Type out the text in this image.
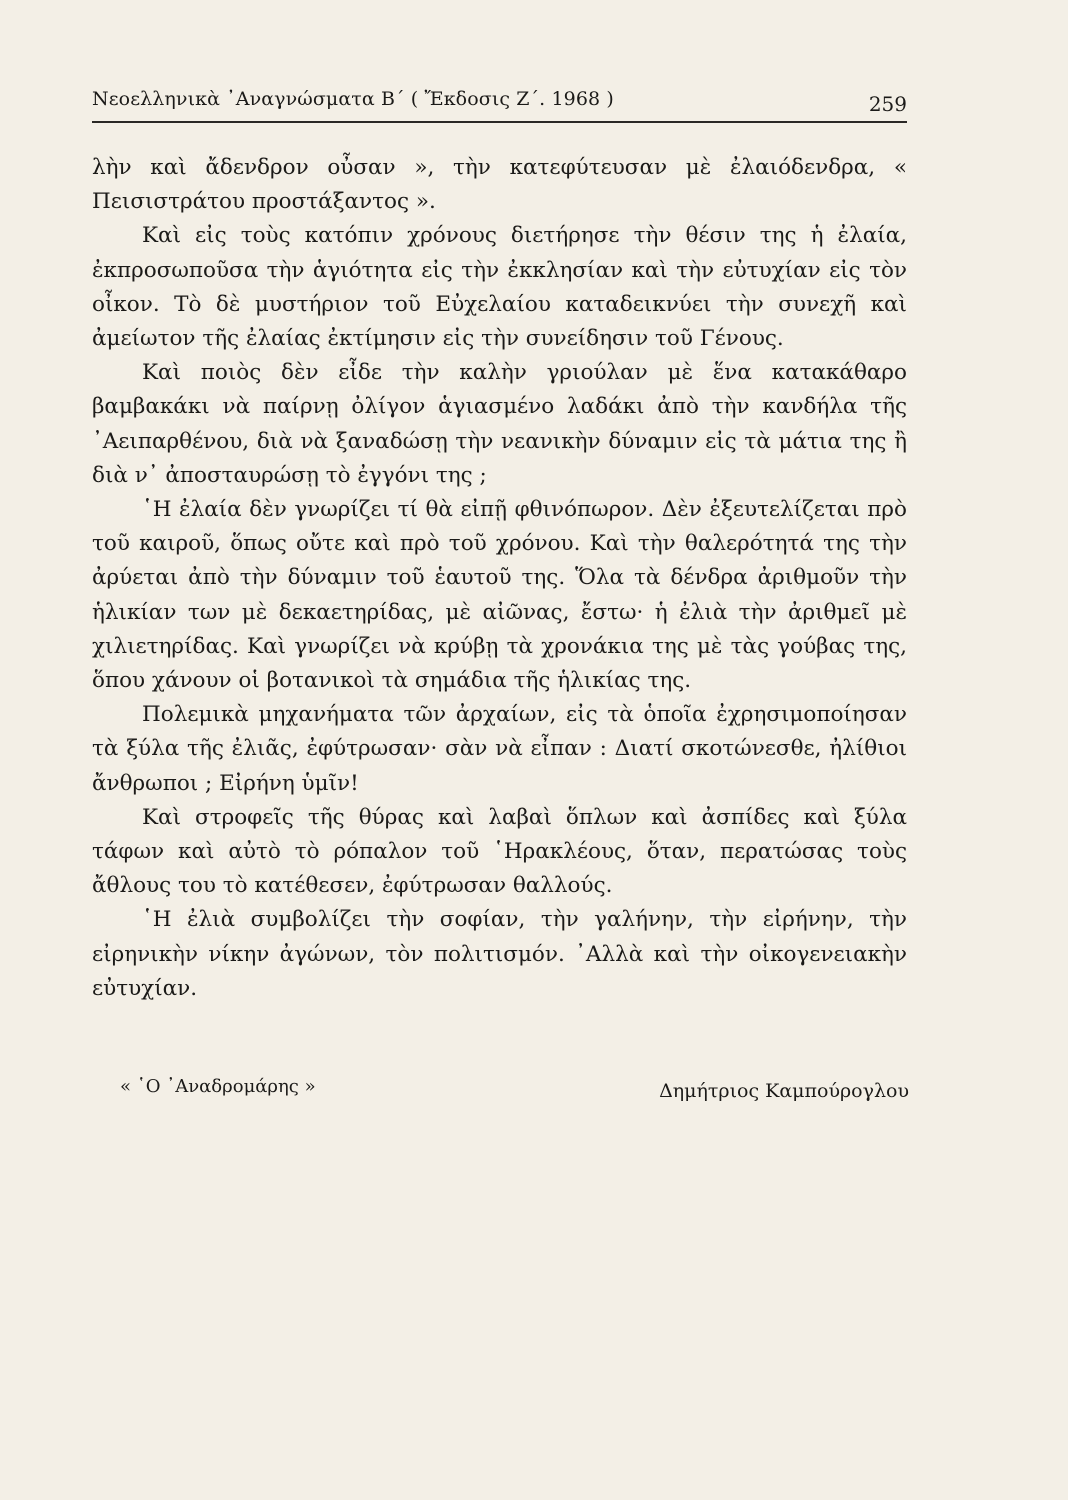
Νεοελληνικὰ ᾿Αναγνώσματα Β΄ ( Ἔκδοσις Ζ΄. 1968 )	259

λὴν καὶ ἄδενδρον οὖσαν », τὴν κατεφύτευσαν μὲ ἐλαιόδενδρα, « Πεισιστράτου προστάξαντος ».

Καὶ εἰς τοὺς κατόπιν χρόνους διετήρησε τὴν θέσιν της ἡ ἐλαία, ἐκπροσωποῦσα τὴν ἁγιότητα εἰς τὴν ἐκκλησίαν καὶ τὴν εὐτυχίαν εἰς τὸν οἶκον. Τὸ δὲ μυστήριον τοῦ Εὐχελαίου καταδεικνύει τὴν συνεχῆ καὶ ἀμείωτον τῆς ἐλαίας ἐκτίμησιν εἰς τὴν συνείδησιν τοῦ Γένους.

Καὶ ποιὸς δὲν εἶδε τὴν καλὴν γριούλαν μὲ ἕνα κατακάθαρο βαμβακάκι νὰ παίρνῃ ὀλίγον ἁγιασμένο λαδάκι ἀπὸ τὴν κανδήλα τῆς ᾿Αειπαρθένου, διὰ νὰ ξαναδώσῃ τὴν νεανικὴν δύναμιν εἰς τὰ μάτια της ἢ διὰ ν᾿ ἀποσταυρώσῃ τὸ ἐγγόνι της ;

῾Η ἐλαία δὲν γνωρίζει τί θὰ εἰπῇ φθινόπωρον. Δὲν ἐξευτελίζεται πρὸ τοῦ καιροῦ, ὅπως οὔτε καὶ πρὸ τοῦ χρόνου. Καὶ τὴν θαλερότητά της τὴν ἀρύεται ἀπὸ τὴν δύναμιν τοῦ ἑαυτοῦ της. Ὅλα τὰ δένδρα ἀριθμοῦν τὴν ἡλικίαν των μὲ δεκαετηρίδας, μὲ αἰῶνας, ἔστω· ἡ ἐλιὰ τὴν ἀριθμεῖ μὲ χιλιετηρίδας. Καὶ γνωρίζει νὰ κρύβῃ τὰ χρονάκια της μὲ τὰς γούβας της, ὅπου χάνουν οἱ βοτανικοὶ τὰ σημάδια τῆς ἡλικίας της.

Πολεμικὰ μηχανήματα τῶν ἀρχαίων, εἰς τὰ ὁποῖα ἐχρησιμοποίησαν τὰ ξύλα τῆς ἐλιᾶς, ἐφύτρωσαν· σὰν νὰ εἶπαν : Διατί σκοτώνεσθε, ἠλίθιοι ἄνθρωποι ; Εἰρήνη ὑμῖν!

Καὶ στροφεῖς τῆς θύρας καὶ λαβαὶ ὅπλων καὶ ἀσπίδες καὶ ξύλα τάφων καὶ αὐτὸ τὸ ρόπαλον τοῦ ῾Ηρακλέους, ὅταν, περατώσας τοὺς ἄθλους του τὸ κατέθεσεν, ἐφύτρωσαν θαλλούς.

῾Η ἐλιὰ συμβολίζει τὴν σοφίαν, τὴν γαλήνην, τὴν εἰρήνην, τὴν εἰρηνικὴν νίκην ἀγώνων, τὸν πολιτισμόν. ᾿Αλλὰ καὶ τὴν οἰκογενειακὴν εὐτυχίαν.

« ῾Ο ᾿Αναδρομάρης »	Δημήτριος Καμπούρογλου
